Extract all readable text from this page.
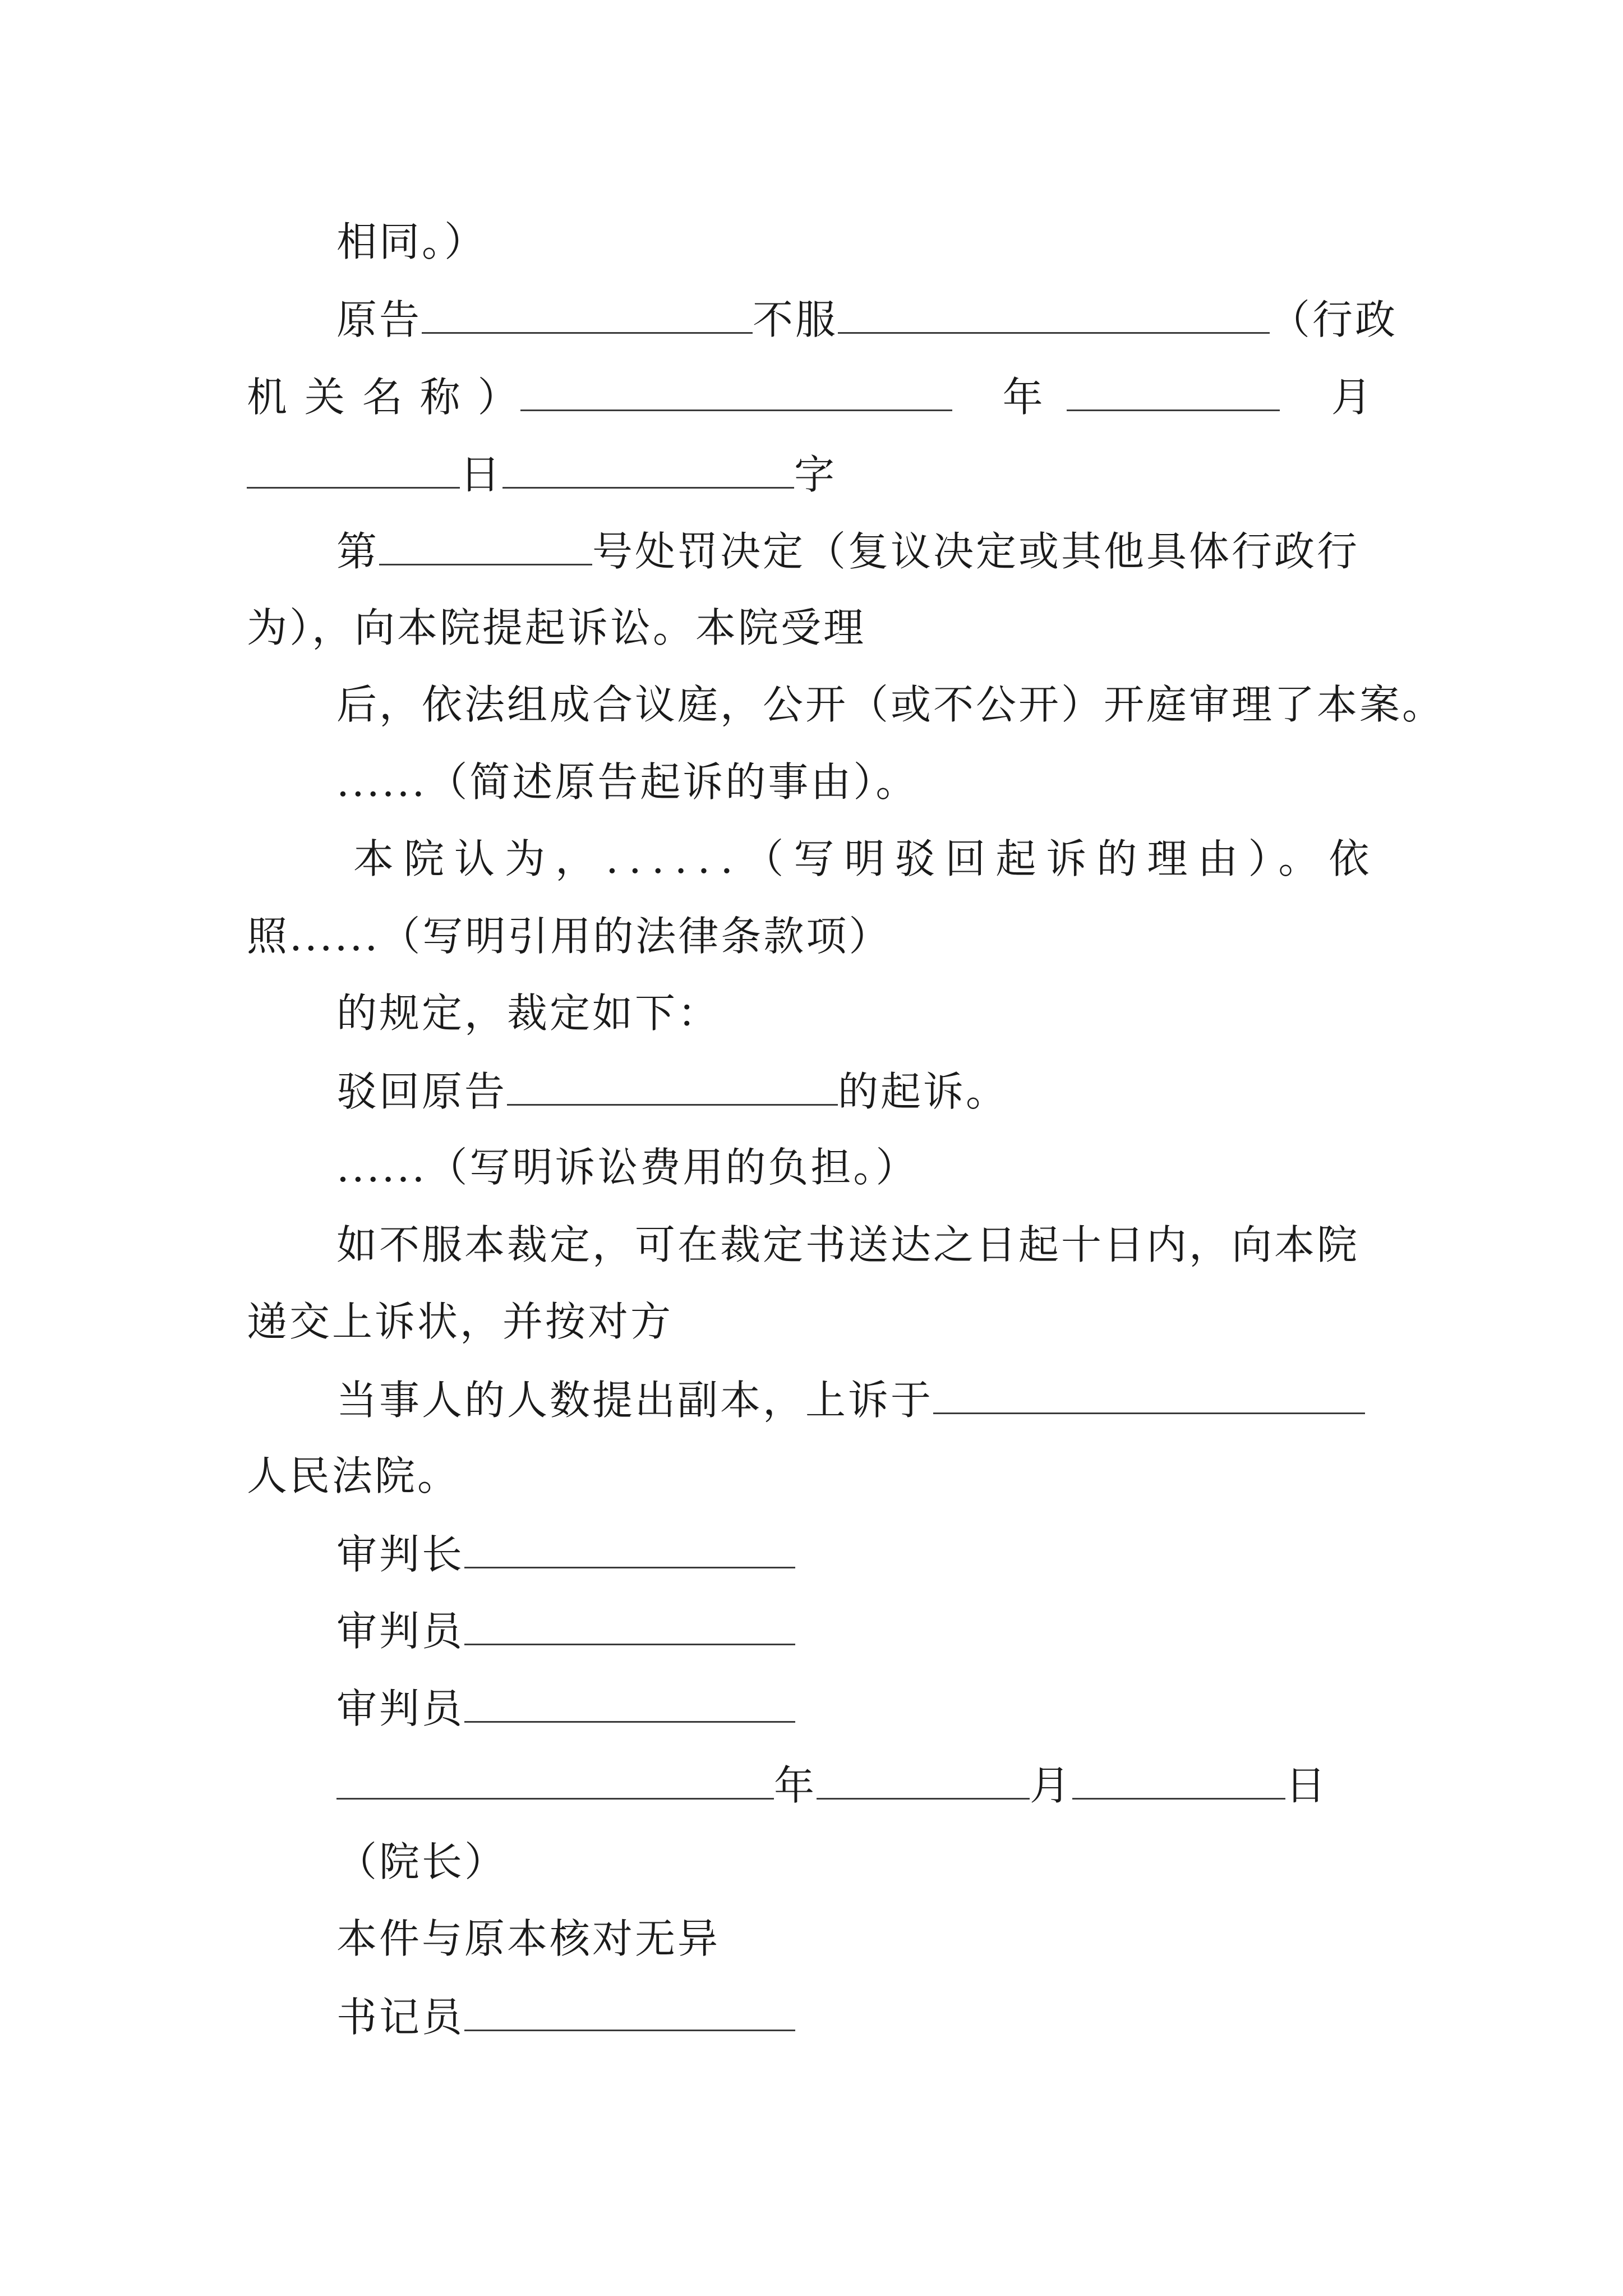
相同。）
原告	不服	（行政
机 关 名 称 ）	年	月
日	字
第	号处罚决定（复议决定或其他具体行政行
为），向本院提起诉讼。本院受理
后，依法组成合议庭，公开（或不公开）开庭审理了本案。
......（简述原告起诉的事由）。
本院认为，......（写明驳回起诉的理由）。依
照......（写明引用的法律条款项）
的规定，裁定如下：
驳回原告	的起诉。
......（写明诉讼费用的负担。）
如不服本裁定，可在裁定书送达之日起十日内，向本院
递交上诉状，并按对方
当事人的人数提出副本，上诉于
人民法院。
审判长
审判员
审判员
年	月	日
（院长）
本件与原本核对无异
书记员
